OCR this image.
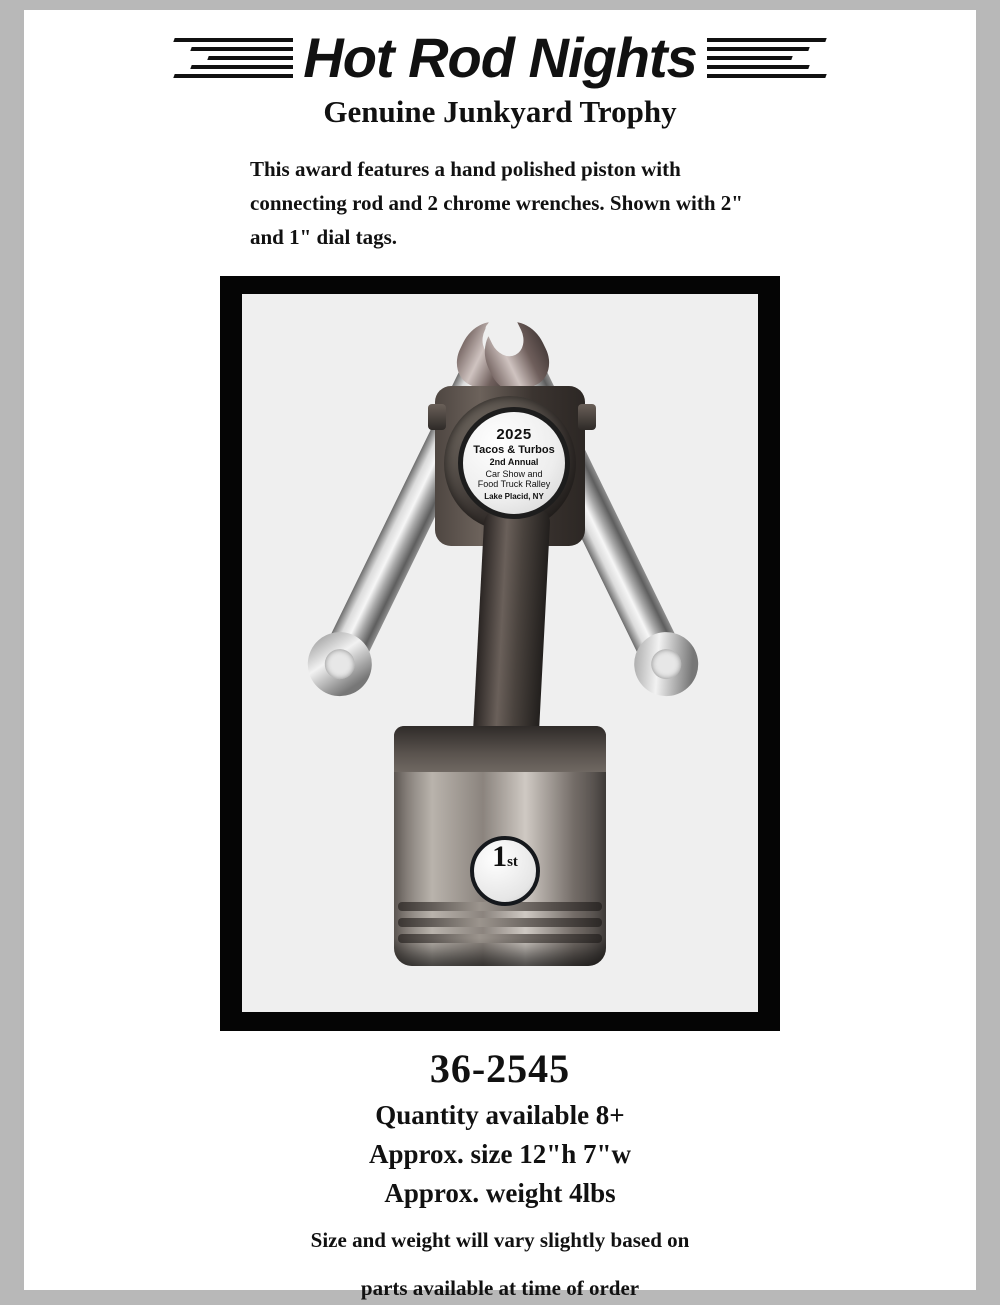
Hot Rod Nights
Genuine Junkyard Trophy
This award features a hand polished piston with connecting rod and 2 chrome wrenches. Shown with 2" and 1" dial tags.
2025
Tacos & Turbos
2nd Annual
Car Show and
Food Truck Ralley
Lake Placid, NY
1 st
36-2545
Quantity available 8+
Approx. size 12"h 7"w
Approx. weight 4lbs
Size and weight will vary slightly based on
parts available at time of order
